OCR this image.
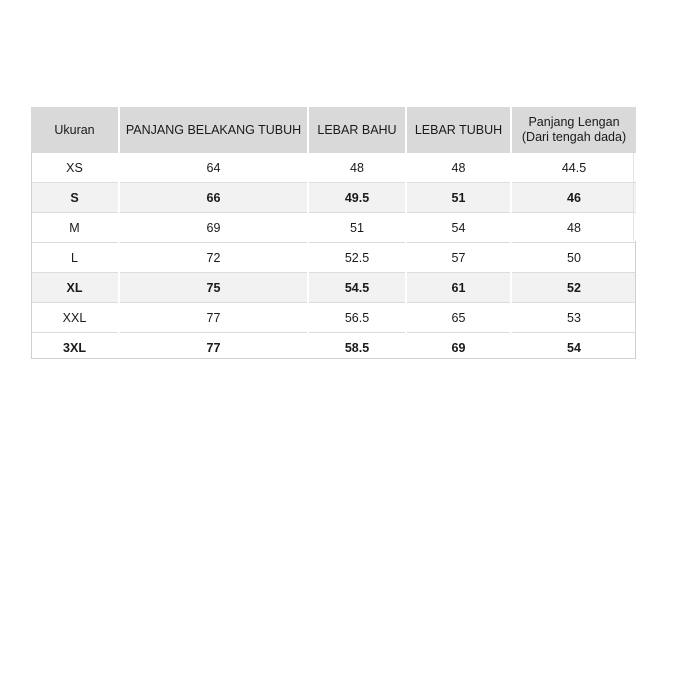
Ukuran	PANJANG BELAKANG TUBUH	LEBAR BAHU	LEBAR TUBUH	Panjang Lengan
(Dari tengah dada)

XS	64	48	48	44.5
S	66	49.5	51	46
M	69	51	54	48
L	72	52.5	57	50
XL	75	54.5	61	52
XXL	77	56.5	65	53
3XL	77	58.5	69	54
